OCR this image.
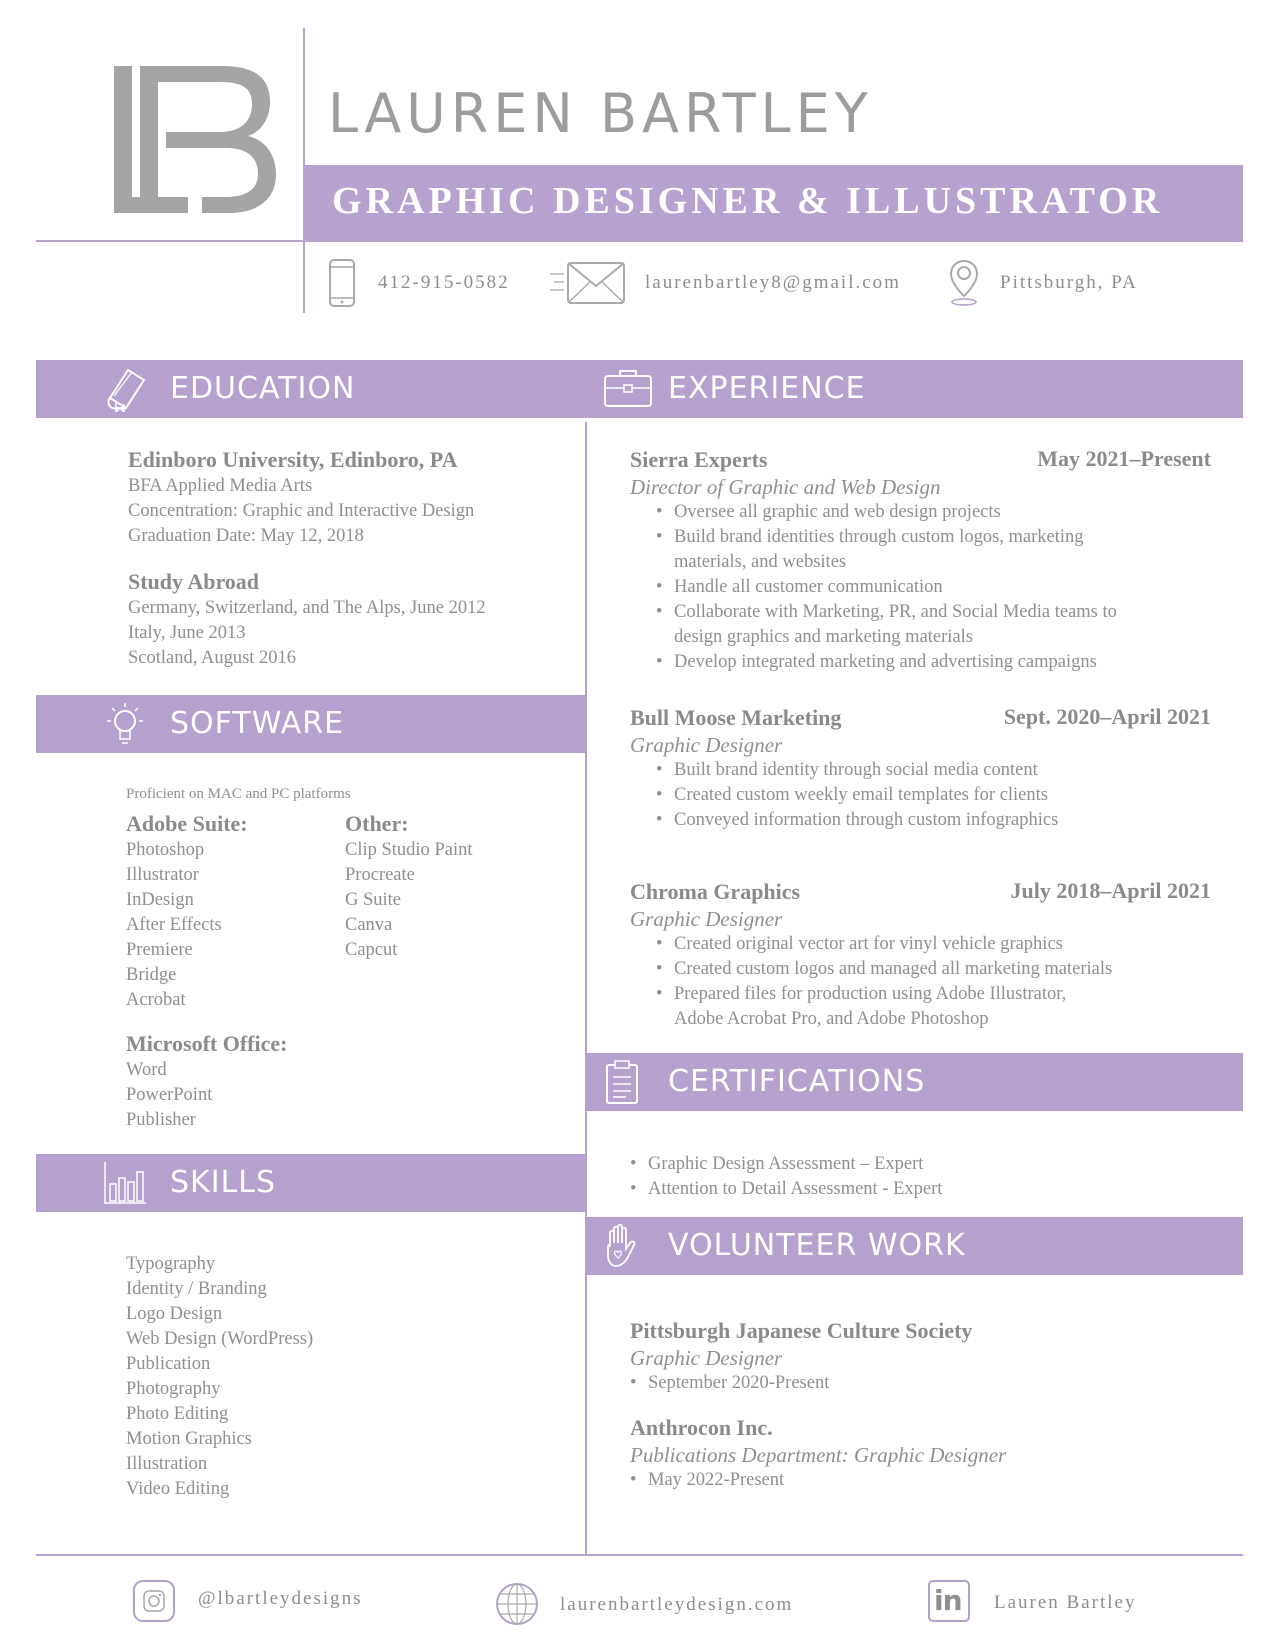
LAUREN BARTLEY
GRAPHIC DESIGNER & ILLUSTRATOR
412-915-0582	laurenbartley8@gmail.com	Pittsburgh, PA
EDUCATION	EXPERIENCE
SOFTWARE
SKILLS
CERTIFICATIONS
VOLUNTEER WORK
Edinboro University, Edinboro, PA
BFA Applied Media Arts
Concentration: Graphic and Interactive Design
Graduation Date: May 12, 2018
Study Abroad
Germany, Switzerland, and The Alps, June 2012
Italy, June 2013
Scotland, August 2016
Proficient on MAC and PC platforms
Adobe Suite:
Photoshop
Illustrator
InDesign
After Effects
Premiere
Bridge
Acrobat
Microsoft Office:
Word
PowerPoint
Publisher
Other:
Clip Studio Paint
Procreate
G Suite
Canva
Capcut
Typography
Identity / Branding
Logo Design
Web Design (WordPress)
Publication
Photography
Photo Editing
Motion Graphics
Illustration
Video Editing
Sierra Experts	May 2021–Present
Director of Graphic and Web Design
• Oversee all graphic and web design projects
• Build brand identities through custom logos, marketing materials, and websites
• Handle all customer communication
• Collaborate with Marketing, PR, and Social Media teams to design graphics and marketing materials
• Develop integrated marketing and advertising campaigns
Bull Moose Marketing	Sept. 2020–April 2021
Graphic Designer
• Built brand identity through social media content
• Created custom weekly email templates for clients
• Conveyed information through custom infographics
Chroma Graphics	July 2018–April 2021
Graphic Designer
• Created original vector art for vinyl vehicle graphics
• Created custom logos and managed all marketing materials
• Prepared files for production using Adobe Illustrator, Adobe Acrobat Pro, and Adobe Photoshop
• Graphic Design Assessment – Expert
• Attention to Detail Assessment - Expert
Pittsburgh Japanese Culture Society
Graphic Designer
• September 2020-Present
Anthrocon Inc.
Publications Department: Graphic Designer
• May 2022-Present
@lbartleydesigns	laurenbartleydesign.com	in Lauren Bartley
